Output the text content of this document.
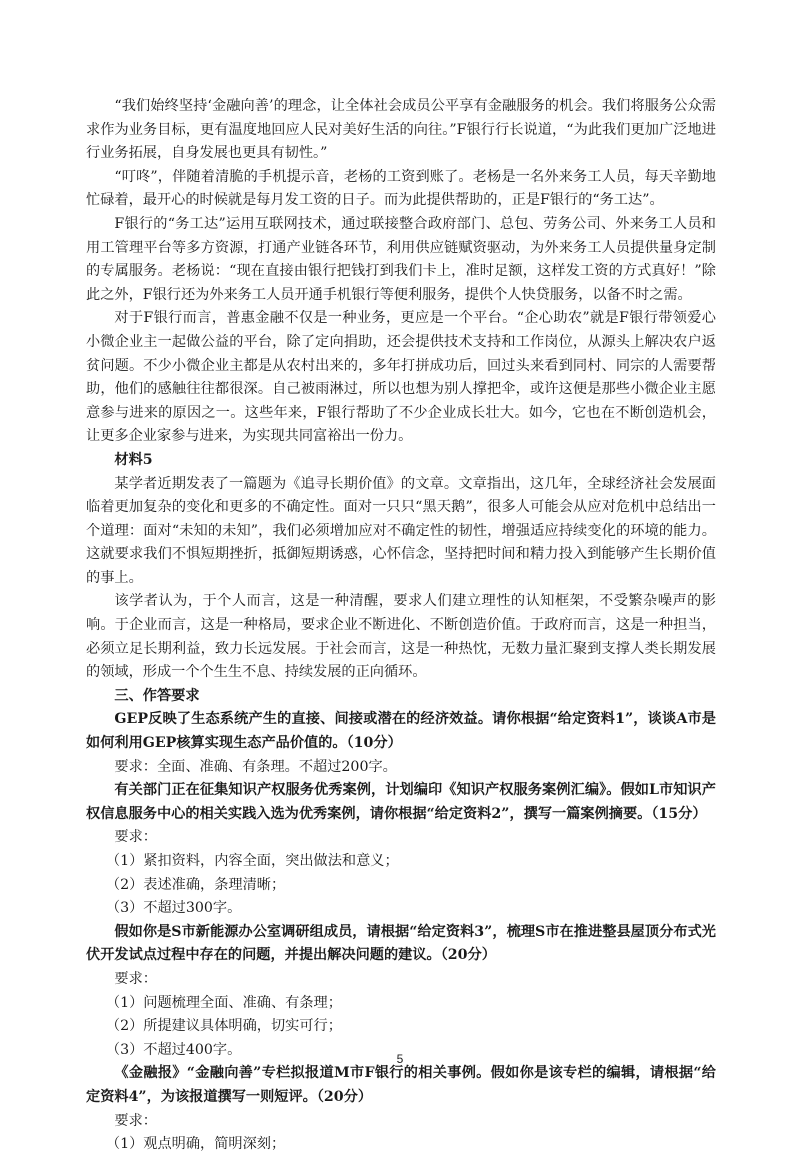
“我们始终坚持‘金融向善’的理念，让全体社会成员公平享有金融服务的机会。我们将服务公众需求作为业务目标，更有温度地回应人民对美好生活的向往。”F银行行长说道，“为此我们更加广泛地进行业务拓展，自身发展也更具有韧性。”

“叮咚”，伴随着清脆的手机提示音，老杨的工资到账了。老杨是一名外来务工人员，每天辛勤地忙碌着，最开心的时候就是每月发工资的日子。而为此提供帮助的，正是F银行的“务工达”。

F银行的“务工达”运用互联网技术，通过联接整合政府部门、总包、劳务公司、外来务工人员和用工管理平台等多方资源，打通产业链各环节，利用供应链赋资驱动，为外来务工人员提供量身定制的专属服务。老杨说：“现在直接由银行把钱打到我们卡上，准时足额，这样发工资的方式真好！”除此之外，F银行还为外来务工人员开通手机银行等便利服务，提供个人快贷服务，以备不时之需。

对于F银行而言，普惠金融不仅是一种业务，更应是一个平台。“企心助农”就是F银行带领爱心小微企业主一起做公益的平台，除了定向捐助，还会提供技术支持和工作岗位，从源头上解决农户返贫问题。不少小微企业主都是从农村出来的，多年打拼成功后，回过头来看到同村、同宗的人需要帮助，他们的感触往往都很深。自己被雨淋过，所以也想为别人撑把伞，或许这便是那些小微企业主愿意参与进来的原因之一。这些年来，F银行帮助了不少企业成长壮大。如今，它也在不断创造机会，让更多企业家参与进来，为实现共同富裕出一份力。

材料5

某学者近期发表了一篇题为《追寻长期价值》的文章。文章指出，这几年，全球经济社会发展面临着更加复杂的变化和更多的不确定性。面对一只只“黑天鹅”，很多人可能会从应对危机中总结出一个道理：面对“未知的未知”，我们必须增加应对不确定性的韧性，增强适应持续变化的环境的能力。这就要求我们不惧短期挫折，抵御短期诱惑，心怀信念，坚持把时间和精力投入到能够产生长期价值的事上。

该学者认为，于个人而言，这是一种清醒，要求人们建立理性的认知框架，不受繁杂噪声的影响。于企业而言，这是一种格局，要求企业不断进化、不断创造价值。于政府而言，这是一种担当，必须立足长期利益，致力长远发展。于社会而言，这是一种热忱，无数力量汇聚到支撑人类长期发展的领域，形成一个个生生不息、持续发展的正向循环。

三、作答要求

GEP反映了生态系统产生的直接、间接或潜在的经济效益。请你根据“给定资料1”，谈谈A市是如何利用GEP核算实现生态产品价值的。（10分）

要求：全面、准确、有条理。不超过200字。

有关部门正在征集知识产权服务优秀案例，计划编印《知识产权服务案例汇编》。假如L市知识产权信息服务中心的相关实践入选为优秀案例，请你根据“给定资料2”，撰写一篇案例摘要。（15分）

要求：

（1）紧扣资料，内容全面，突出做法和意义；

（2）表述准确，条理清晰；

（3）不超过300字。

假如你是S市新能源办公室调研组成员，请根据“给定资料3”，梳理S市在推进整县屋顶分布式光伏开发试点过程中存在的问题，并提出解决问题的建议。（20分）

要求：

（1）问题梳理全面、准确、有条理；

（2）所提建议具体明确，切实可行；

（3）不超过400字。

《金融报》“金融向善”专栏拟报道M市F银行的相关事例。假如你是该专栏的编辑，请根据“给定资料4”，为该报道撰写一则短评。（20分）

要求：

（1）观点明确，简明深刻；

5
